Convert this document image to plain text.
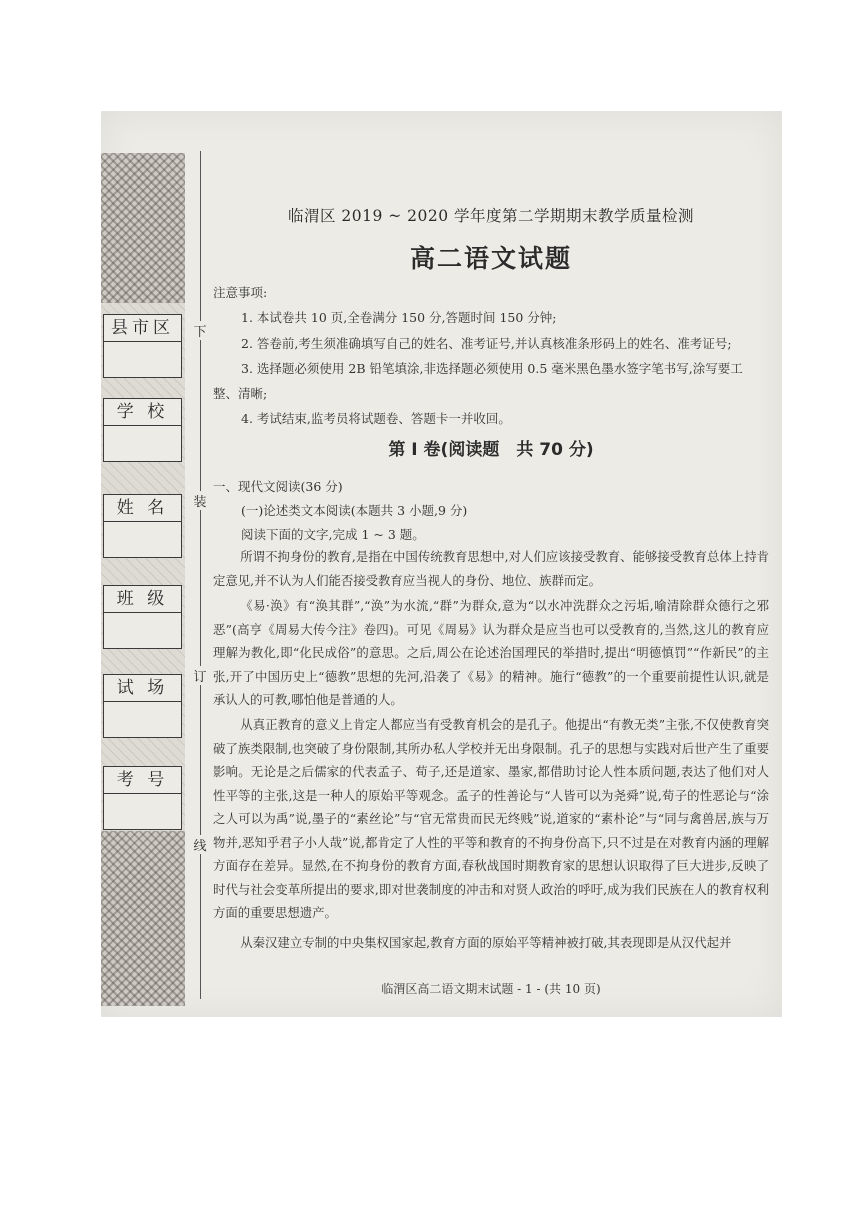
县市区
学 校
姓 名
班 级
试 场
考 号
下
装
订
线
临渭区 2019 ~ 2020 学年度第二学期期末教学质量检测
高二语文试题
注意事项:
1. 本试卷共 10 页,全卷满分 150 分,答题时间 150 分钟;
2. 答卷前,考生须准确填写自己的姓名、准考证号,并认真核准条形码上的姓名、准考证号;
3. 选择题必须使用 2B 铅笔填涂,非选择题必须使用 0.5 毫米黑色墨水签字笔书写,涂写要工
整、清晰;
4. 考试结束,监考员将试题卷、答题卡一并收回。
第 I 卷(阅读题　共 70 分)
一、现代文阅读(36 分)
(一)论述类文本阅读(本题共 3 小题,9 分)
阅读下面的文字,完成 1 ~ 3 题。
所谓不拘身份的教育,是指在中国传统教育思想中,对人们应该接受教育、能够接受教育总体上持肯定意见,并不认为人们能否接受教育应当视人的身份、地位、族群而定。
《易·涣》有“涣其群”,“涣”为水流,“群”为群众,意为“以水冲洗群众之污垢,喻清除群众德行之邪恶”(高亨《周易大传今注》卷四)。可见《周易》认为群众是应当也可以受教育的,当然,这儿的教育应理解为教化,即“化民成俗”的意思。之后,周公在论述治国理民的举措时,提出“明德慎罚”“作新民”的主张,开了中国历史上“德教”思想的先河,沿袭了《易》的精神。施行“德教”的一个重要前提性认识,就是承认人的可教,哪怕他是普通的人。
从真正教育的意义上肯定人都应当有受教育机会的是孔子。他提出“有教无类”主张,不仅使教育突破了族类限制,也突破了身份限制,其所办私人学校并无出身限制。孔子的思想与实践对后世产生了重要影响。无论是之后儒家的代表孟子、荀子,还是道家、墨家,都借助讨论人性本质问题,表达了他们对人性平等的主张,这是一种人的原始平等观念。孟子的性善论与“人皆可以为尧舜”说,荀子的性恶论与“涂之人可以为禹”说,墨子的“素丝论”与“官无常贵而民无终贱”说,道家的“素朴论”与“同与禽兽居,族与万物并,恶知乎君子小人哉”说,都肯定了人性的平等和教育的不拘身份高下,只不过是在对教育内涵的理解方面存在差异。显然,在不拘身份的教育方面,春秋战国时期教育家的思想认识取得了巨大进步,反映了时代与社会变革所提出的要求,即对世袭制度的冲击和对贤人政治的呼吁,成为我们民族在人的教育权利方面的重要思想遗产。
从秦汉建立专制的中央集权国家起,教育方面的原始平等精神被打破,其表现即是从汉代起并
临渭区高二语文期末试题 - 1 - (共 10 页)
